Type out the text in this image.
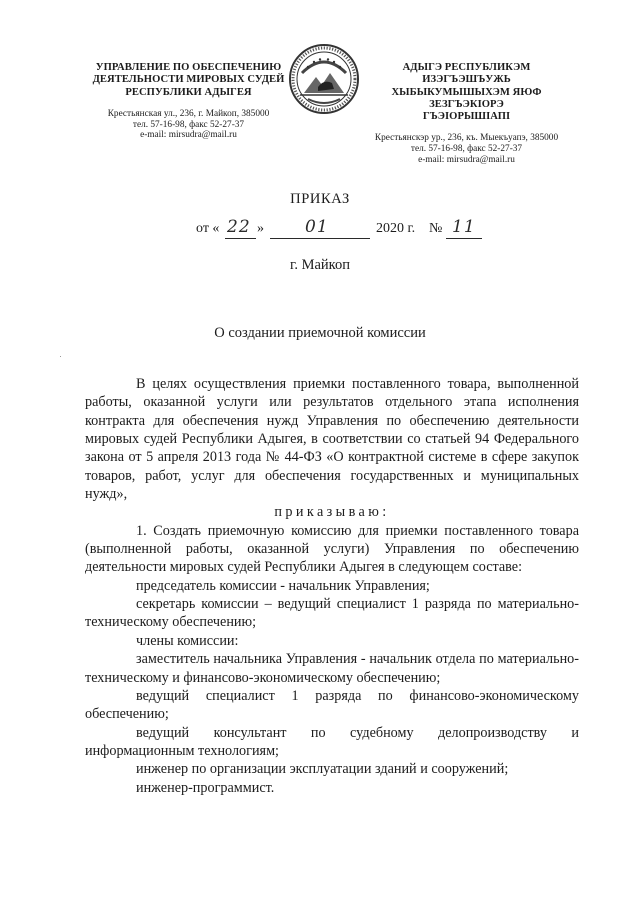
УПРАВЛЕНИЕ ПО ОБЕСПЕЧЕНИЮ
ДЕЯТЕЛЬНОСТИ МИРОВЫХ СУДЕЙ
РЕСПУБЛИКИ АДЫГЕЯ
Крестьянская ул., 236, г. Майкоп, 385000
тел. 57-16-98, факс 52-27-37
e-mail: mirsudra@mail.ru
АДЫГЭ РЕСПУБЛИКЭМ ИЗЭГЪЭШЪУЖЬ
ХЫБЫКУМЫШЫХЭМ ЯЮФ ЗЕЗГЪЭКIОРЭ
ГЪЭIОРЫШIАПI
Крестьянскэр ур., 236, къ. Мыекъуапэ, 385000
тел. 57-16-98, факс 52-27-37
e-mail: mirsudra@mail.ru
ПРИКАЗ
от « 22 » 01	2020 г. № 11
г. Майкоп
О создании приемочной комиссии

В целях осуществления приемки поставленного товара, выполненной работы, оказанной услуги или результатов отдельного этапа исполнения контракта для обеспечения нужд Управления по обеспечению деятельности мировых судей Республики Адыгея, в соответствии со статьей 94 Федерального закона от 5 апреля 2013 года № 44-ФЗ «О контрактной системе в сфере закупок товаров, работ, услуг для обеспечения государственных и муниципальных нужд»,

приказываю:

1. Создать приемочную комиссию для приемки поставленного товара (выполненной работы, оказанной услуги) Управления по обеспечению деятельности мировых судей Республики Адыгея в следующем составе:

председатель комиссии - начальник Управления;

секретарь комиссии – ведущий специалист 1 разряда по материально-техническому обеспечению;

члены комиссии:

заместитель начальника Управления - начальник отдела по материально-техническому и финансово-экономическому обеспечению;

ведущий специалист 1 разряда по финансово-экономическому обеспечению;

ведущий консультант по судебному делопроизводству и информационным технологиям;

инженер по организации эксплуатации зданий и сооружений;

инженер-программист.
